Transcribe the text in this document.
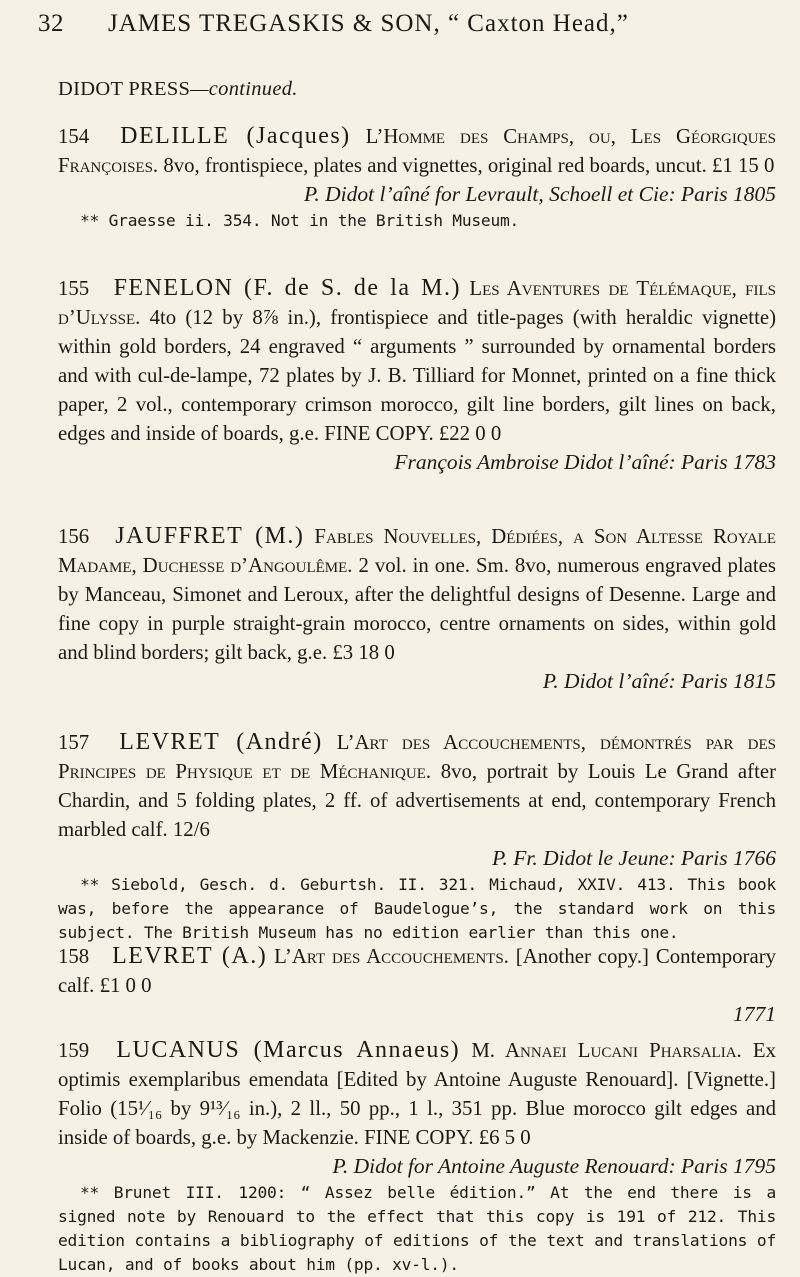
32	JAMES TREGASKIS & SON, “ Caxton Head,”
DIDOT PRESS—continued.
154 DELILLE (Jacques) L’Homme des Champs, ou, Les Géorgiques Françoises. 8vo, frontispiece, plates and vignettes, original red boards, uncut. £1 15 0
P. Didot l’aîné for Levrault, Schoell et Cie: Paris 1805
** Graesse ii. 354. Not in the British Museum.
155 FENELON (F. de S. de la M.) Les Aventures de Télémaque, fils d’Ulysse. 4to (12 by 8⅞ in.), frontispiece and title-pages (with heraldic vignette) within gold borders, 24 engraved “ arguments ” surrounded by ornamental borders and with cul-de-lampe, 72 plates by J. B. Tilliard for Monnet, printed on a fine thick paper, 2 vol., contemporary crimson morocco, gilt line borders, gilt lines on back, edges and inside of boards, g.e. FINE COPY. £22 0 0
François Ambroise Didot l’aîné: Paris 1783
156 JAUFFRET (M.) Fables Nouvelles, Dédiées, a Son Altesse Royale Madame, Duchesse d’Angoulême. 2 vol. in one. Sm. 8vo, numerous engraved plates by Manceau, Simonet and Leroux, after the delightful designs of Desenne. Large and fine copy in purple straight-grain morocco, centre ornaments on sides, within gold and blind borders; gilt back, g.e. £3 18 0
P. Didot l’aîné: Paris 1815
157 LEVRET (André) L’Art des Accouchements, démontrés par des Principes de Physique et de Méchanique. 8vo, portrait by Louis Le Grand after Chardin, and 5 folding plates, 2 ff. of advertisements at end, contemporary French marbled calf. 12/6
P. Fr. Didot le Jeune: Paris 1766
** Siebold, Gesch. d. Geburtsh. II. 321. Michaud, XXIV. 413. This book was, before the appearance of Baudelogue’s, the standard work on this subject. The British Museum has no edition earlier than this one.
158 LEVRET (A.) L’Art des Accouchements. [Another copy.] Contemporary calf. £1 0 0
1771
159 LUCANUS (Marcus Annaeus) M. Annaei Lucani Pharsalia. Ex optimis exemplaribus emendata [Edited by Antoine Auguste Renouard]. [Vignette.] Folio (15¹⁄₁₆ by 9¹³⁄₁₆ in.), 2 ll., 50 pp., 1 l., 351 pp. Blue morocco gilt edges and inside of boards, g.e. by Mackenzie. FINE COPY. £6 5 0
P. Didot for Antoine Auguste Renouard: Paris 1795
** Brunet III. 1200: “ Assez belle édition.” At the end there is a signed note by Renouard to the effect that this copy is 191 of 212. This edition contains a bibliography of editions of the text and translations of Lucan, and of books about him (pp. xv-l.).
